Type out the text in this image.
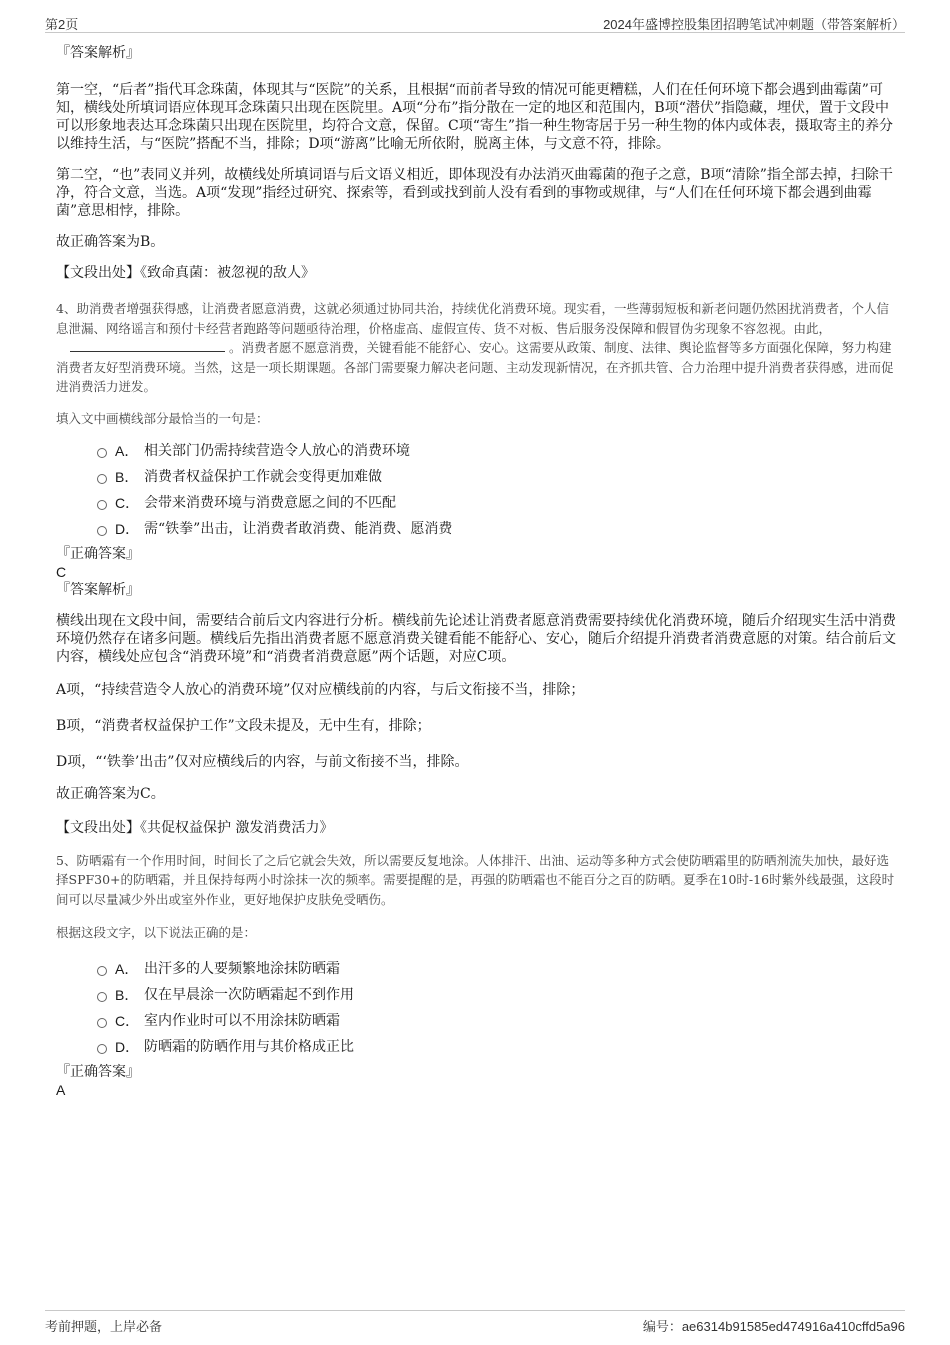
第2页	2024年盛博控股集团招聘笔试冲刺题（带答案解析）

『答案解析』

第一空，“后者”指代耳念珠菌，体现其与“医院”的关系，且根据“而前者导致的情况可能更糟糕，人们在任何环境下都会遇到曲霉菌”可知，横线处所填词语应体现耳念珠菌只出现在医院里。A项“分布”指分散在一定的地区和范围内，B项“潜伏”指隐藏，埋伏，置于文段中可以形象地表达耳念珠菌只出现在医院里，均符合文意，保留。C项“寄生”指一种生物寄居于另一种生物的体内或体表，摄取寄主的养分以维持生活，与“医院”搭配不当，排除；D项“游离”比喻无所依附，脱离主体，与文意不符，排除。

第二空，“也”表同义并列，故横线处所填词语与后文语义相近，即体现没有办法消灭曲霉菌的孢子之意，B项“清除”指全部去掉，扫除干净，符合文意，当选。A项“发现”指经过研究、探索等，看到或找到前人没有看到的事物或规律，与“人们在任何环境下都会遇到曲霉菌”意思相悖，排除。

故正确答案为B。

【文段出处】《致命真菌：被忽视的敌人》

4、助消费者增强获得感，让消费者愿意消费，这就必须通过协同共治，持续优化消费环境。现实看，一些薄弱短板和新老问题仍然困扰消费者，个人信息泄漏、网络谣言和预付卡经营者跑路等问题亟待治理，价格虚高、虚假宣传、货不对板、售后服务没保障和假冒伪劣现象不容忽视。由此，。消费者愿不愿意消费，关键看能不能舒心、安心。这需要从政策、制度、法律、舆论监督等多方面强化保障，努力构建消费者友好型消费环境。当然，这是一项长期课题。各部门需要聚力解决老问题、主动发现新情况，在齐抓共管、合力治理中提升消费者获得感，进而促进消费活力迸发。

填入文中画横线部分最恰当的一句是：

A． 相关部门仍需持续营造令人放心的消费环境
B． 消费者权益保护工作就会变得更加难做
C． 会带来消费环境与消费意愿之间的不匹配
D． 需“铁拳”出击，让消费者敢消费、能消费、愿消费

『正确答案』

C

『答案解析』

横线出现在文段中间，需要结合前后文内容进行分析。横线前先论述让消费者愿意消费需要持续优化消费环境，随后介绍现实生活中消费环境仍然存在诸多问题。横线后先指出消费者愿不愿意消费关键看能不能舒心、安心，随后介绍提升消费者消费意愿的对策。结合前后文内容，横线处应包含“消费环境”和“消费者消费意愿”两个话题，对应C项。

A项，“持续营造令人放心的消费环境”仅对应横线前的内容，与后文衔接不当，排除；

B项，“消费者权益保护工作”文段未提及，无中生有，排除；

D项，“‘铁拳’出击”仅对应横线后的内容，与前文衔接不当，排除。

故正确答案为C。

【文段出处】《共促权益保护 激发消费活力》

5、防晒霜有一个作用时间，时间长了之后它就会失效，所以需要反复地涂。人体排汗、出油、运动等多种方式会使防晒霜里的防晒剂流失加快，最好选择SPF30+的防晒霜，并且保持每两小时涂抹一次的频率。需要提醒的是，再强的防晒霜也不能百分之百的防晒。夏季在10时-16时紫外线最强，这段时间可以尽量减少外出或室外作业，更好地保护皮肤免受晒伤。

根据这段文字，以下说法正确的是：

A． 出汗多的人要频繁地涂抹防晒霜
B． 仅在早晨涂一次防晒霜起不到作用
C． 室内作业时可以不用涂抹防晒霜
D． 防晒霜的防晒作用与其价格成正比

『正确答案』

A

考前押题，上岸必备	编号：ae6314b91585ed474916a410cffd5a96
